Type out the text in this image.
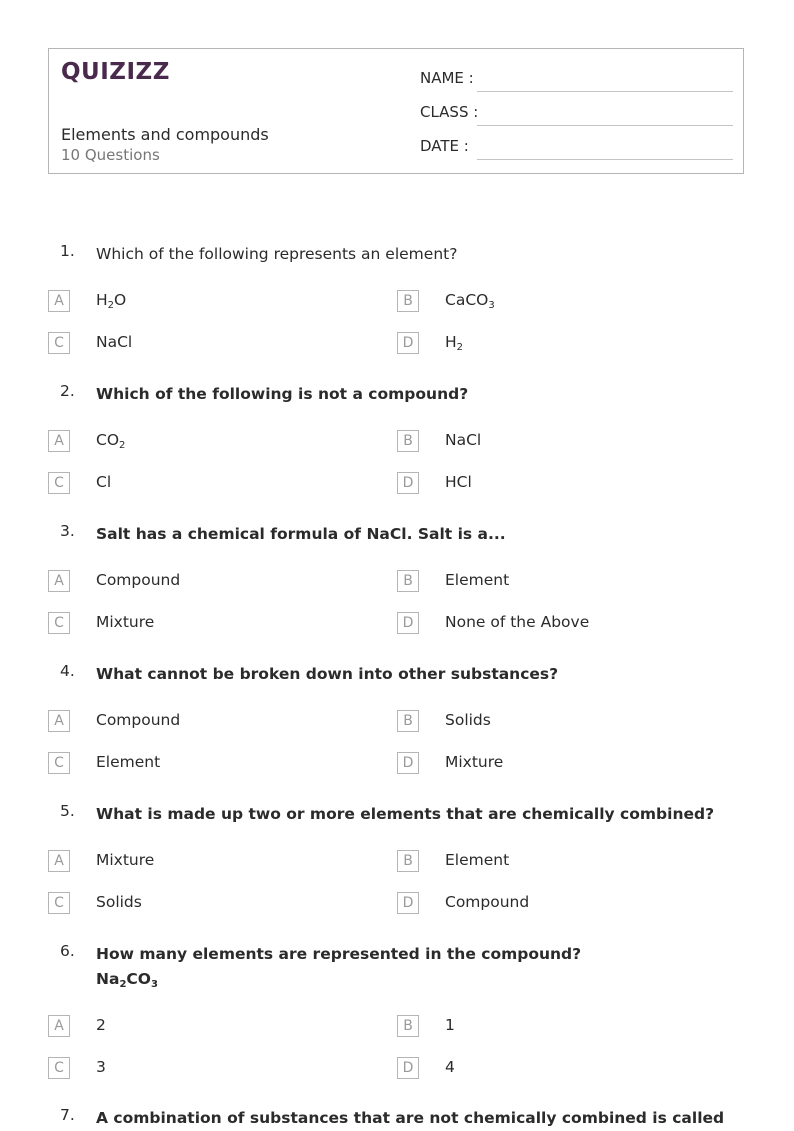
QUIZIZZ
Elements and compounds
10 Questions
NAME :
CLASS :
DATE :
1. Which of the following represents an element?
A	$H_2O$	B	CaCO$_3$
C	NaCl	D	$H_2$
2. Which of the following is not a compound?
A	$CO_2$	B	NaCl
C	Cl	D	HCl
3. Salt has a chemical formula of NaCl. Salt is a...
A	Compound	B	Element
C	Mixture	D	None of the Above
4. What cannot be broken down into other substances?
A	Compound	B	Solids
C	Element	D	Mixture
5. What is made up two or more elements that are chemically combined?
A	Mixture	B	Element
C	Solids	D	Compound
6. How many elements are represented in the compound?
$Na_2CO_3$
A	2	B	1
C	3	D	4
7. A combination of substances that are not chemically combined is called
